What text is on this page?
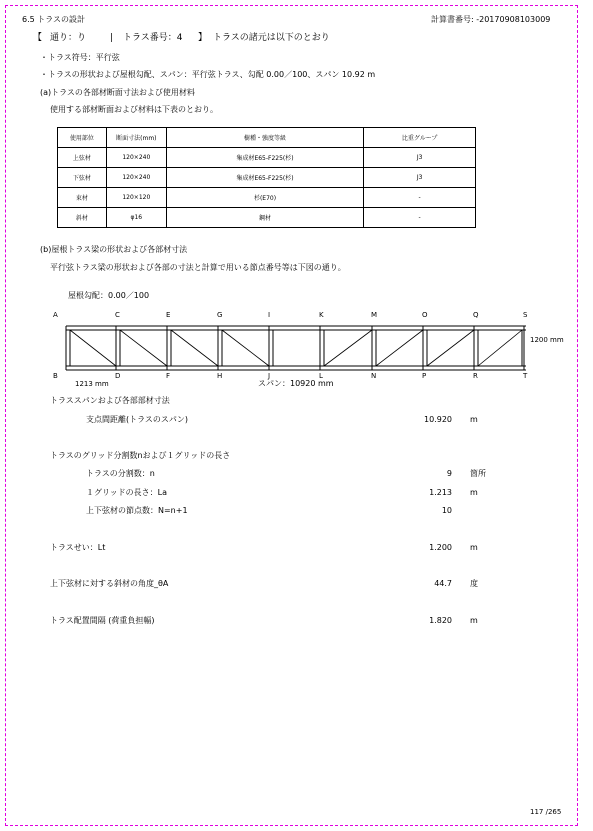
6.5 トラスの設計	計算書番号: -20170908103009
【 通り：り	| トラス番号：4 】 トラスの諸元は以下のとおり
・トラス符号：平行弦
・トラスの形状および屋根勾配、スパン：平行弦トラス、勾配 0.00／100、スパン 10.92 m
(a)トラスの各部材断面寸法および使用材料
使用する部材断面および材料は下表のとおり。
使用部位	断面寸法(mm)	樹種・強度等級	比重グループ
上弦材	120×240	集成材E65-F225(杉)	J3
下弦材	120×240	集成材E65-F225(杉)	J3
束材	120×120	杉(E70)	-
斜材	φ16	鋼材	-
(b)屋根トラス梁の形状および各部材寸法
平行弦トラス梁の形状および各部の寸法と計算で用いる節点番号等は下図の通り。
屋根勾配：0.00／100
A	C	E	G	I	K	M	O	Q	S
B	D	F	H	J	L	N	P	R	T
1200 mm
1213 mm	スパン：10920 mm
トラススパンおよび各部部材寸法
支点間距離(トラスのスパン)	10.920 m
トラスのグリッド分割数nおよび１グリッドの長さ
トラスの分割数：n	9 箇所
１グリッドの長さ：La	1.213 m
上下弦材の節点数：N=n+1	10
トラスせい：Lt	1.200 m
上下弦材に対する斜材の角度_θA	44.7 度
トラス配置間隔 (荷重負担幅)	1.820 m
117 /265
